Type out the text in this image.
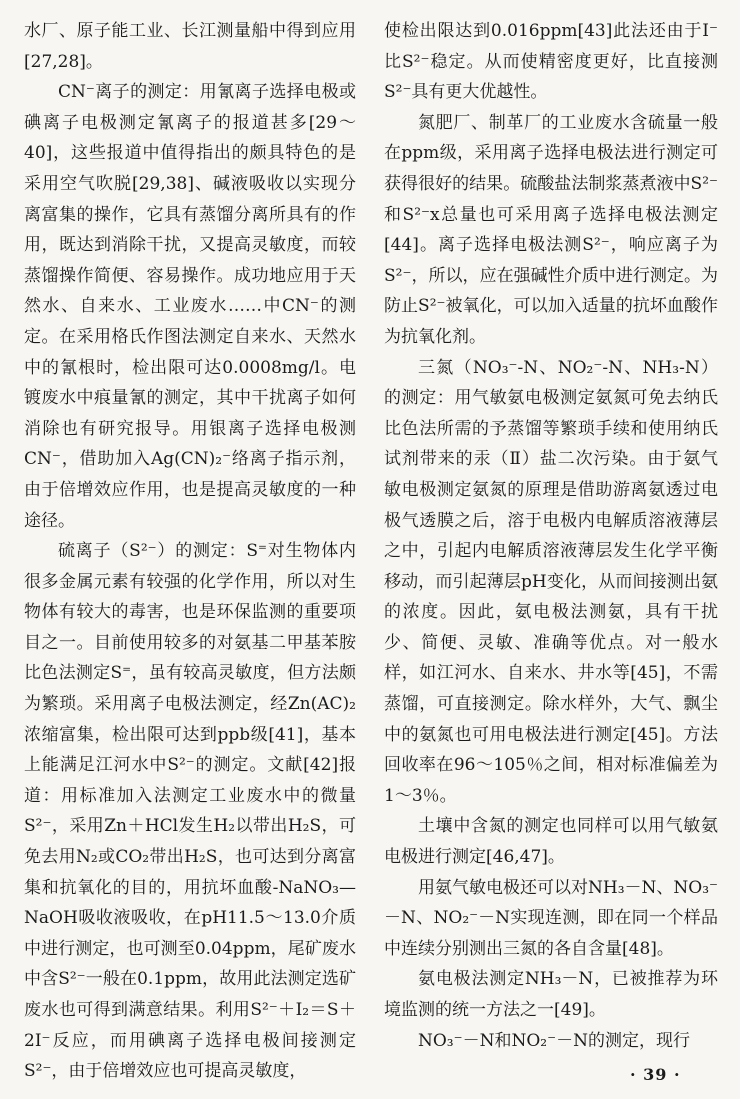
水厂、原子能工业、长江测量船中得到应用[27,28]。

CN⁻离子的测定：用氰离子选择电极或碘离子电极测定氰离子的报道甚多[29～40]，这些报道中值得指出的颇具特色的是采用空气吹脱[29,38]、碱液吸收以实现分离富集的操作，它具有蒸馏分离所具有的作用，既达到消除干扰，又提高灵敏度，而较蒸馏操作简便、容易操作。成功地应用于天然水、自来水、工业废水……中CN⁻的测定。在采用格氏作图法测定自来水、天然水中的氰根时，检出限可达0.0008mg/l。电镀废水中痕量氰的测定，其中干扰离子如何消除也有研究报导。用银离子选择电极测CN⁻，借助加入Ag(CN)₂⁻络离子指示剂，由于倍增效应作用，也是提高灵敏度的一种途径。

硫离子（S²⁻）的测定：S⁼对生物体内很多金属元素有较强的化学作用，所以对生物体有较大的毒害，也是环保监测的重要项目之一。目前使用较多的对氨基二甲基苯胺比色法测定S⁼，虽有较高灵敏度，但方法颇为繁琐。采用离子电极法测定，经Zn(AC)₂浓缩富集，检出限可达到ppb级[41]，基本上能满足江河水中S²⁻的测定。文献[42]报道：用标准加入法测定工业废水中的微量S²⁻，采用Zn＋HCl发生H₂以带出H₂S，可免去用N₂或CO₂带出H₂S，也可达到分离富集和抗氧化的目的，用抗坏血酸-NaNO₃—NaOH吸收液吸收，在pH11.5～13.0介质中进行测定，也可测至0.04ppm，尾矿废水中含S²⁻一般在0.1ppm，故用此法测定选矿废水也可得到满意结果。利用S²⁻＋I₂＝S＋2I⁻反应，而用碘离子选择电极间接测定S²⁻，由于倍增效应也可提高灵敏度，

使检出限达到0.016ppm[43]此法还由于I⁻比S²⁻稳定。从而使精密度更好，比直接测S²⁻具有更大优越性。

氮肥厂、制革厂的工业废水含硫量一般在ppm级，采用离子选择电极法进行测定可获得很好的结果。硫酸盐法制浆蒸煮液中S²⁻和S²⁻x总量也可采用离子选择电极法测定[44]。离子选择电极法测S²⁻，响应离子为S²⁻，所以，应在强碱性介质中进行测定。为防止S²⁻被氧化，可以加入适量的抗坏血酸作为抗氧化剂。

三氮（NO₃⁻-N、NO₂⁻-N、NH₃-N）的测定：用气敏氨电极测定氨氮可免去纳氏比色法所需的予蒸馏等繁琐手续和使用纳氏试剂带来的汞（Ⅱ）盐二次污染。由于氨气敏电极测定氨氮的原理是借助游离氨透过电极气透膜之后，溶于电极内电解质溶液薄层之中，引起内电解质溶液薄层发生化学平衡移动，而引起薄层pH变化，从而间接测出氨的浓度。因此，氨电极法测氨，具有干扰少、简便、灵敏、准确等优点。对一般水样，如江河水、自来水、井水等[45]，不需蒸馏，可直接测定。除水样外，大气、飘尘中的氨氮也可用电极法进行测定[45]。方法回收率在96～105％之间，相对标准偏差为1～3％。

土壤中含氮的测定也同样可以用气敏氨电极进行测定[46,47]。

用氨气敏电极还可以对NH₃－N、NO₃⁻－N、NO₂⁻－N实现连测，即在同一个样品中连续分别测出三氮的各自含量[48]。

氨电极法测定NH₃－N，已被推荐为环境监测的统一方法之一[49]。

NO₃⁻－N和NO₂⁻－N的测定，现行

· 39 ·
